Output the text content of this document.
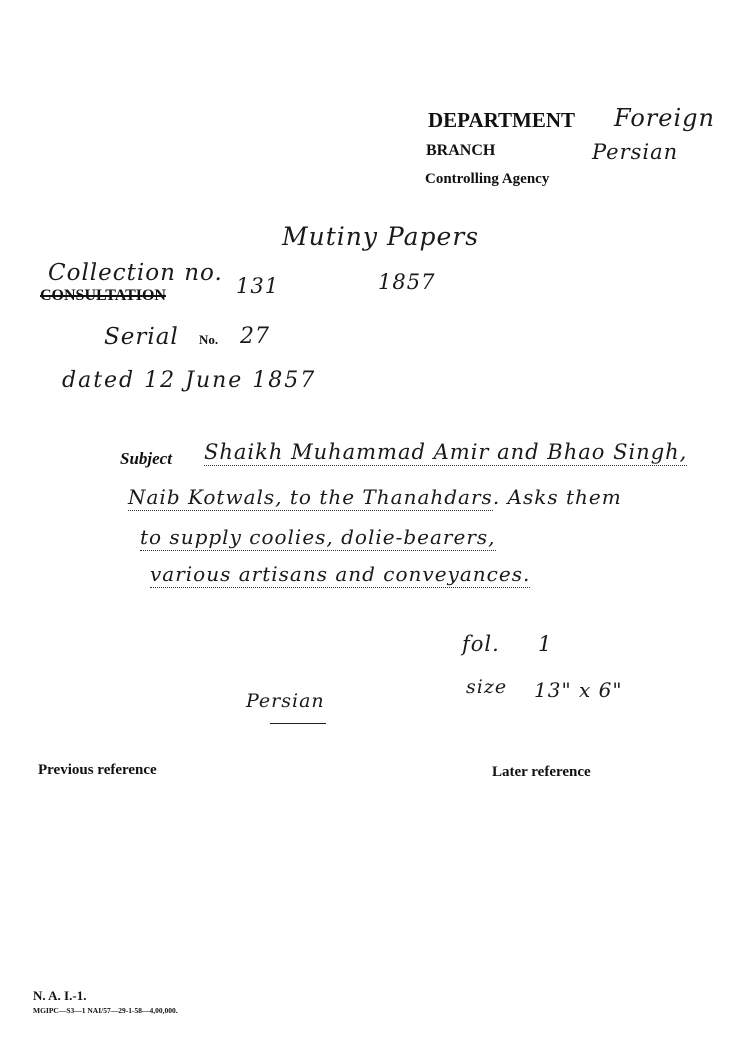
DEPARTMENT Foreign
BRANCH	Persian
Controlling Agency
Mutiny Papers
Collection no. 131	1857
CONSULTATION
Serial No. 27
dated 12 June 1857
Subject Shaikh Muhammad Amir and Bhao Singh,
Naib Kotwals, to the Thanahdars. Asks them
to supply coolies, dolie-bearers,
various artisans and conveyances.
fol. 1
size 13" x 6"
Persian
Previous reference	Later reference
N. A. I.-1.
MGIPC—S3—1 NAI/57—29-1-58—4,00,000.
